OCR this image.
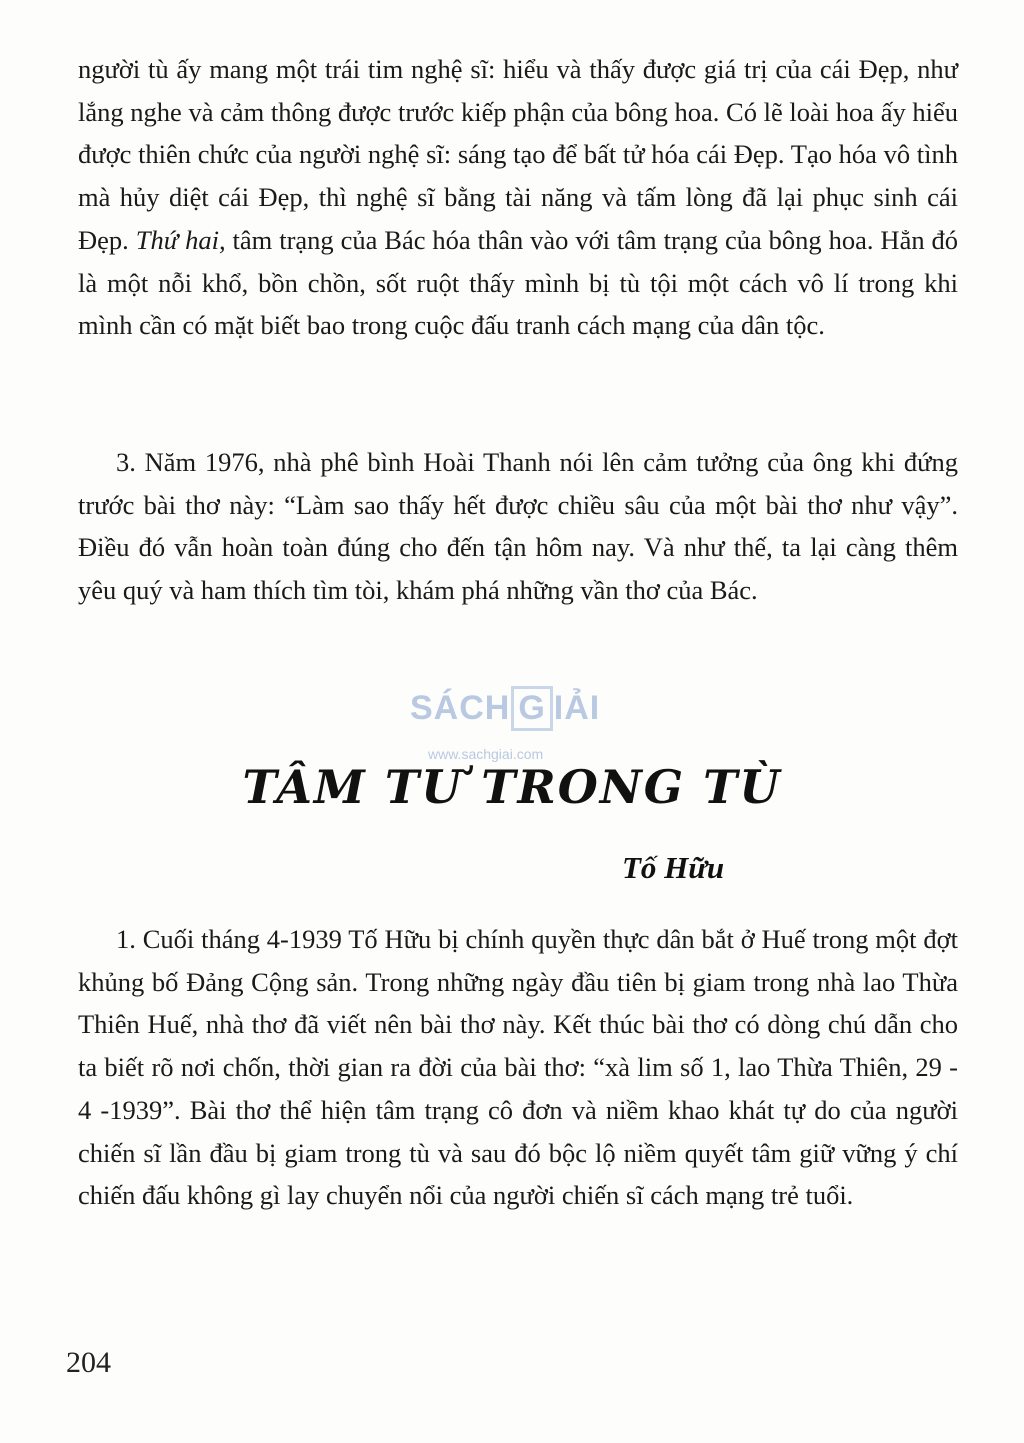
người tù ấy mang một trái tim nghệ sĩ: hiểu và thấy được giá trị của cái Đẹp, như lắng nghe và cảm thông được trước kiếp phận của bông hoa. Có lẽ loài hoa ấy hiểu được thiên chức của người nghệ sĩ: sáng tạo để bất tử hóa cái Đẹp. Tạo hóa vô tình mà hủy diệt cái Đẹp, thì nghệ sĩ bằng tài năng và tấm lòng đã lại phục sinh cái Đẹp. Thứ hai, tâm trạng của Bác hóa thân vào với tâm trạng của bông hoa. Hẳn đó là một nỗi khổ, bồn chồn, sốt ruột thấy mình bị tù tội một cách vô lí trong khi mình cần có mặt biết bao trong cuộc đấu tranh cách mạng của dân tộc.

3. Năm 1976, nhà phê bình Hoài Thanh nói lên cảm tưởng của ông khi đứng trước bài thơ này: “Làm sao thấy hết được chiều sâu của một bài thơ như vậy”. Điều đó vẫn hoàn toàn đúng cho đến tận hôm nay. Và như thế, ta lại càng thêm yêu quý và ham thích tìm tòi, khám phá những vần thơ của Bác.

SÁCH G IẢI
www.sachgiai.com
TÂM TƯ TRONG TÙ

Tố Hữu

1. Cuối tháng 4-1939 Tố Hữu bị chính quyền thực dân bắt ở Huế trong một đợt khủng bố Đảng Cộng sản. Trong những ngày đầu tiên bị giam trong nhà lao Thừa Thiên Huế, nhà thơ đã viết nên bài thơ này. Kết thúc bài thơ có dòng chú dẫn cho ta biết rõ nơi chốn, thời gian ra đời của bài thơ: “xà lim số 1, lao Thừa Thiên, 29 - 4 -1939”. Bài thơ thể hiện tâm trạng cô đơn và niềm khao khát tự do của người chiến sĩ lần đầu bị giam trong tù và sau đó bộc lộ niềm quyết tâm giữ vững ý chí chiến đấu không gì lay chuyển nổi của người chiến sĩ cách mạng trẻ tuổi.

204
